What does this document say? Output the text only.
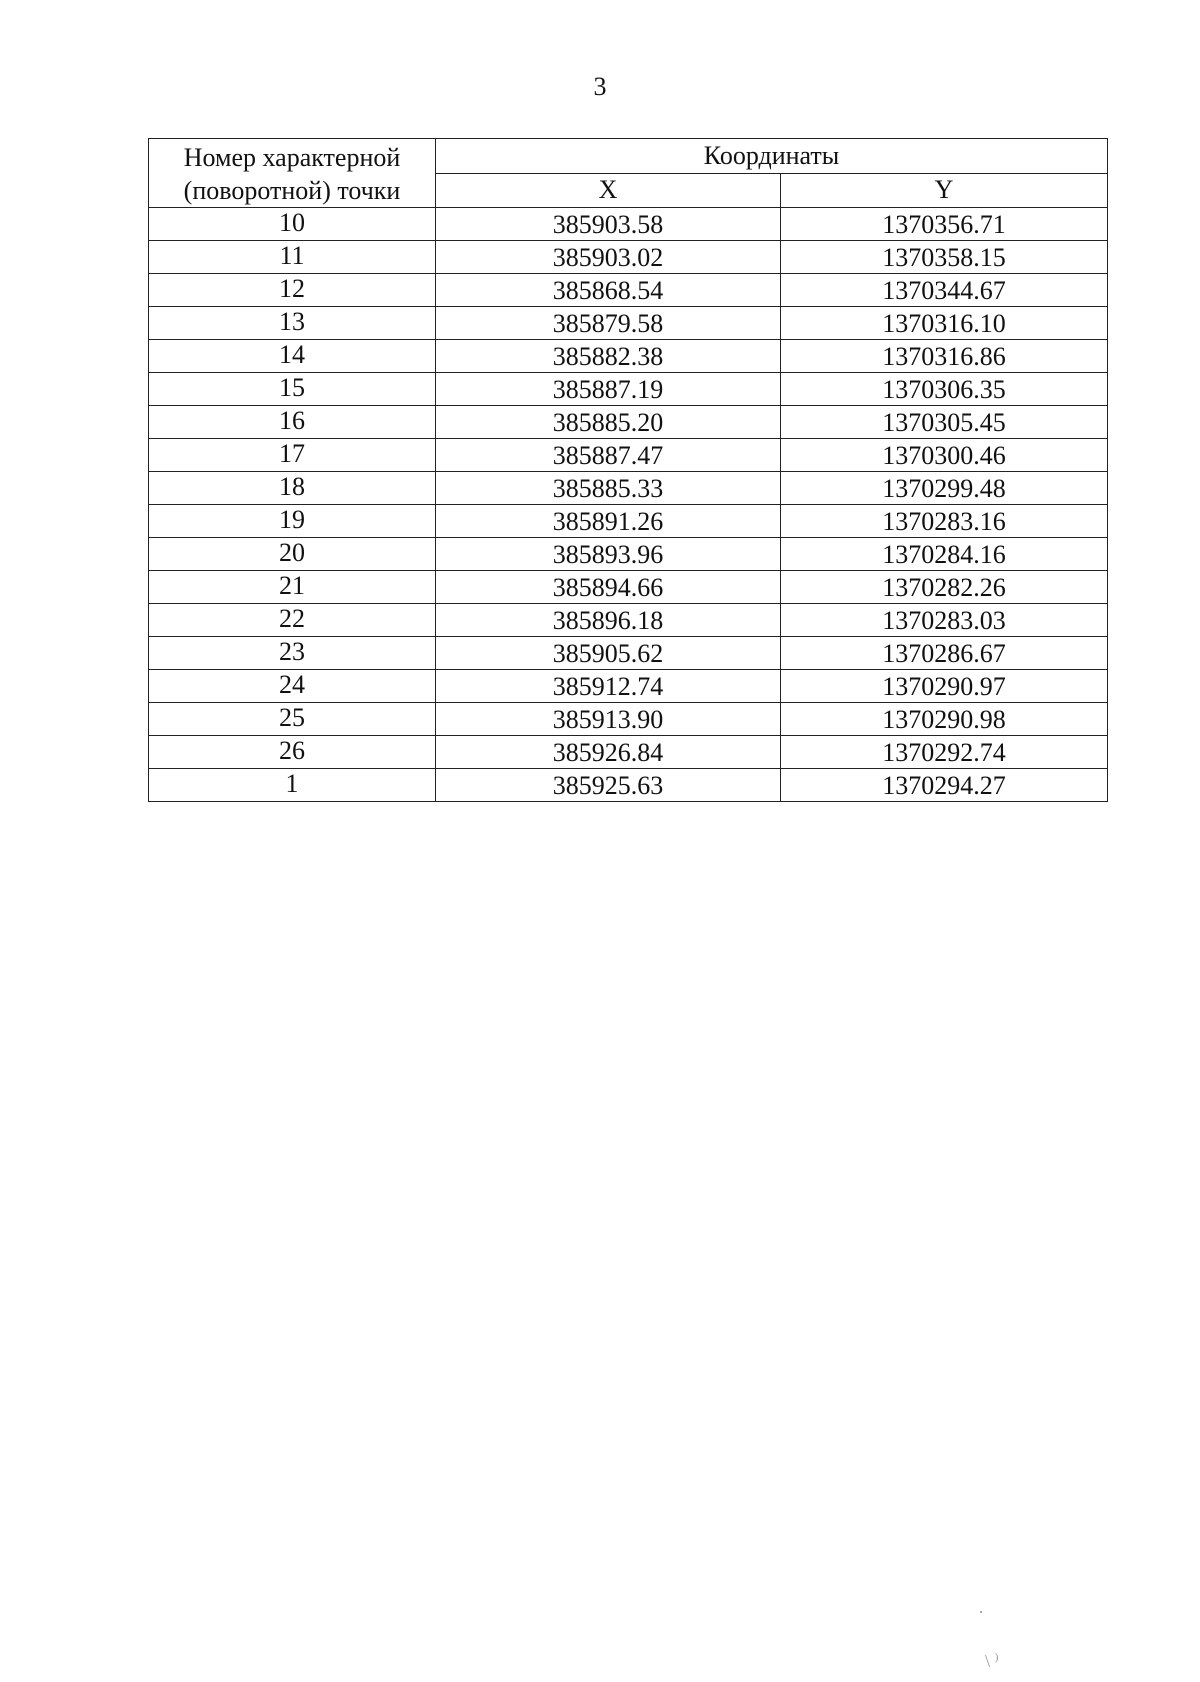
3
Номер характерной
(поворотной) точки	Координаты	
	X	Y
10	385903.58	1370356.71
11	385903.02	1370358.15
12	385868.54	1370344.67
13	385879.58	1370316.10
14	385882.38	1370316.86
15	385887.19	1370306.35
16	385885.20	1370305.45
17	385887.47	1370300.46
18	385885.33	1370299.48
19	385891.26	1370283.16
20	385893.96	1370284.16
21	385894.66	1370282.26
22	385896.18	1370283.03
23	385905.62	1370286.67
24	385912.74	1370290.97
25	385913.90	1370290.98
26	385926.84	1370292.74
1	385925.63	1370294.27
·
\ ⁾
